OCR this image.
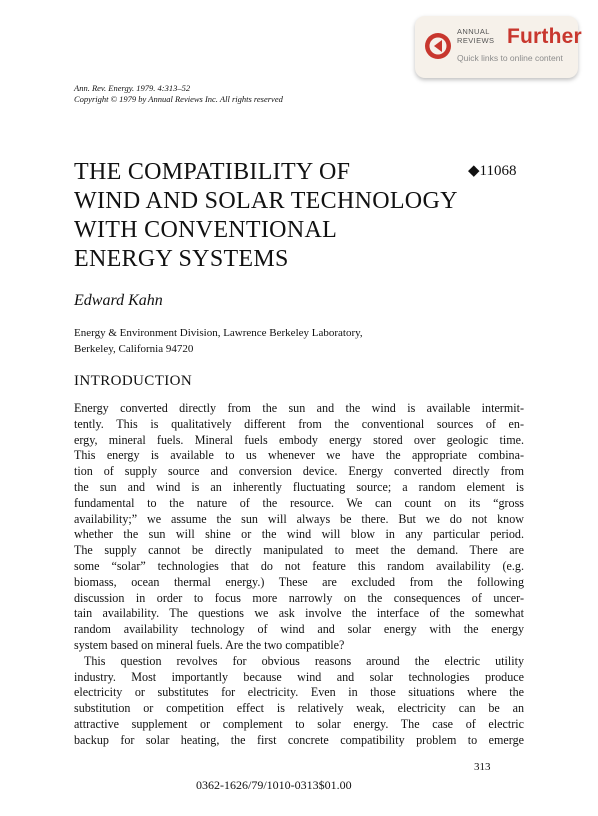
ANNUAL
REVIEWS Further
Quick links to online content
Ann. Rev. Energy. 1979. 4:313–52
Copyright © 1979 by Annual Reviews Inc. All rights reserved
THE COMPATIBILITY OF
WIND AND SOLAR TECHNOLOGY
WITH CONVENTIONAL
ENERGY SYSTEMS
◆11068
Edward Kahn
Energy & Environment Division, Lawrence Berkeley Laboratory,
Berkeley, California 94720
INTRODUCTION
Energy converted directly from the sun and the wind is available intermit-
tently. This is qualitatively different from the conventional sources of en-
ergy, mineral fuels. Mineral fuels embody energy stored over geologic time.
This energy is available to us whenever we have the appropriate combina-
tion of supply source and conversion device. Energy converted directly from
the sun and wind is an inherently fluctuating source; a random element is
fundamental to the nature of the resource. We can count on its “gross
availability;” we assume the sun will always be there. But we do not know
whether the sun will shine or the wind will blow in any particular period.
The supply cannot be directly manipulated to meet the demand. There are
some “solar” technologies that do not feature this random availability (e.g.
biomass, ocean thermal energy.) These are excluded from the following
discussion in order to focus more narrowly on the consequences of uncer-
tain availability. The questions we ask involve the interface of the somewhat
random availability technology of wind and solar energy with the energy
system based on mineral fuels. Are the two compatible?
This question revolves for obvious reasons around the electric utility
industry. Most importantly because wind and solar technologies produce
electricity or substitutes for electricity. Even in those situations where the
substitution or competition effect is relatively weak, electricity can be an
attractive supplement or complement to solar energy. The case of electric
backup for solar heating, the first concrete compatibility problem to emerge
313
0362-1626/79/1010-0313$01.00
